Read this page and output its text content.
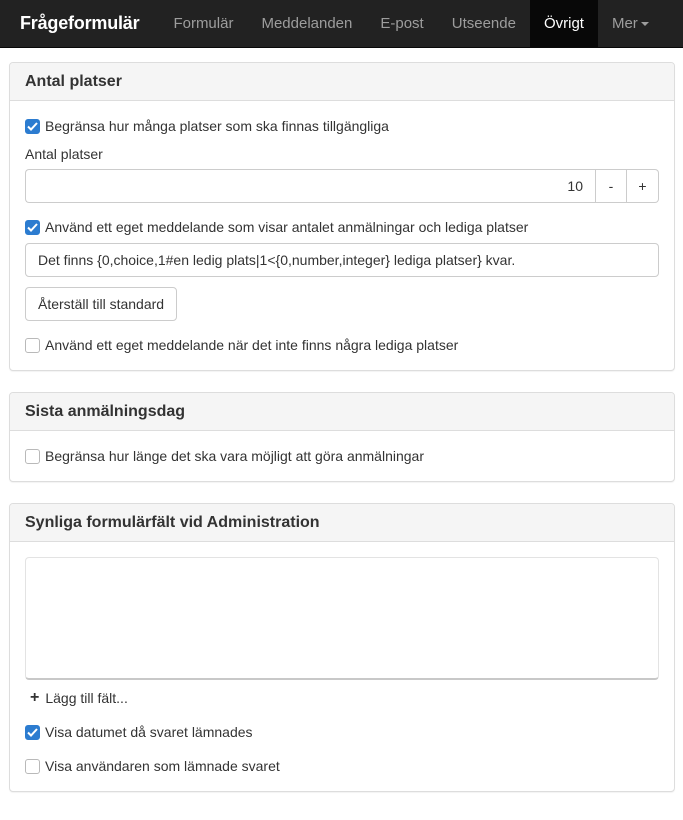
Frågeformulär	Formulär	Meddelanden	E-post	Utseende	Övrigt	Mer
Antal platser
Begränsa hur många platser som ska finnas tillgängliga
Antal platser
10	-	+
Använd ett eget meddelande som visar antalet anmälningar och lediga platser
Det finns {0,choice,1#en ledig plats|1<{0,number,integer} lediga platser} kvar.
Återställ till standard
Använd ett eget meddelande när det inte finns några lediga platser
Sista anmälningsdag
Begränsa hur länge det ska vara möjligt att göra anmälningar
Synliga formulärfält vid Administration
+ Lägg till fält...
Visa datumet då svaret lämnades
Visa användaren som lämnade svaret
